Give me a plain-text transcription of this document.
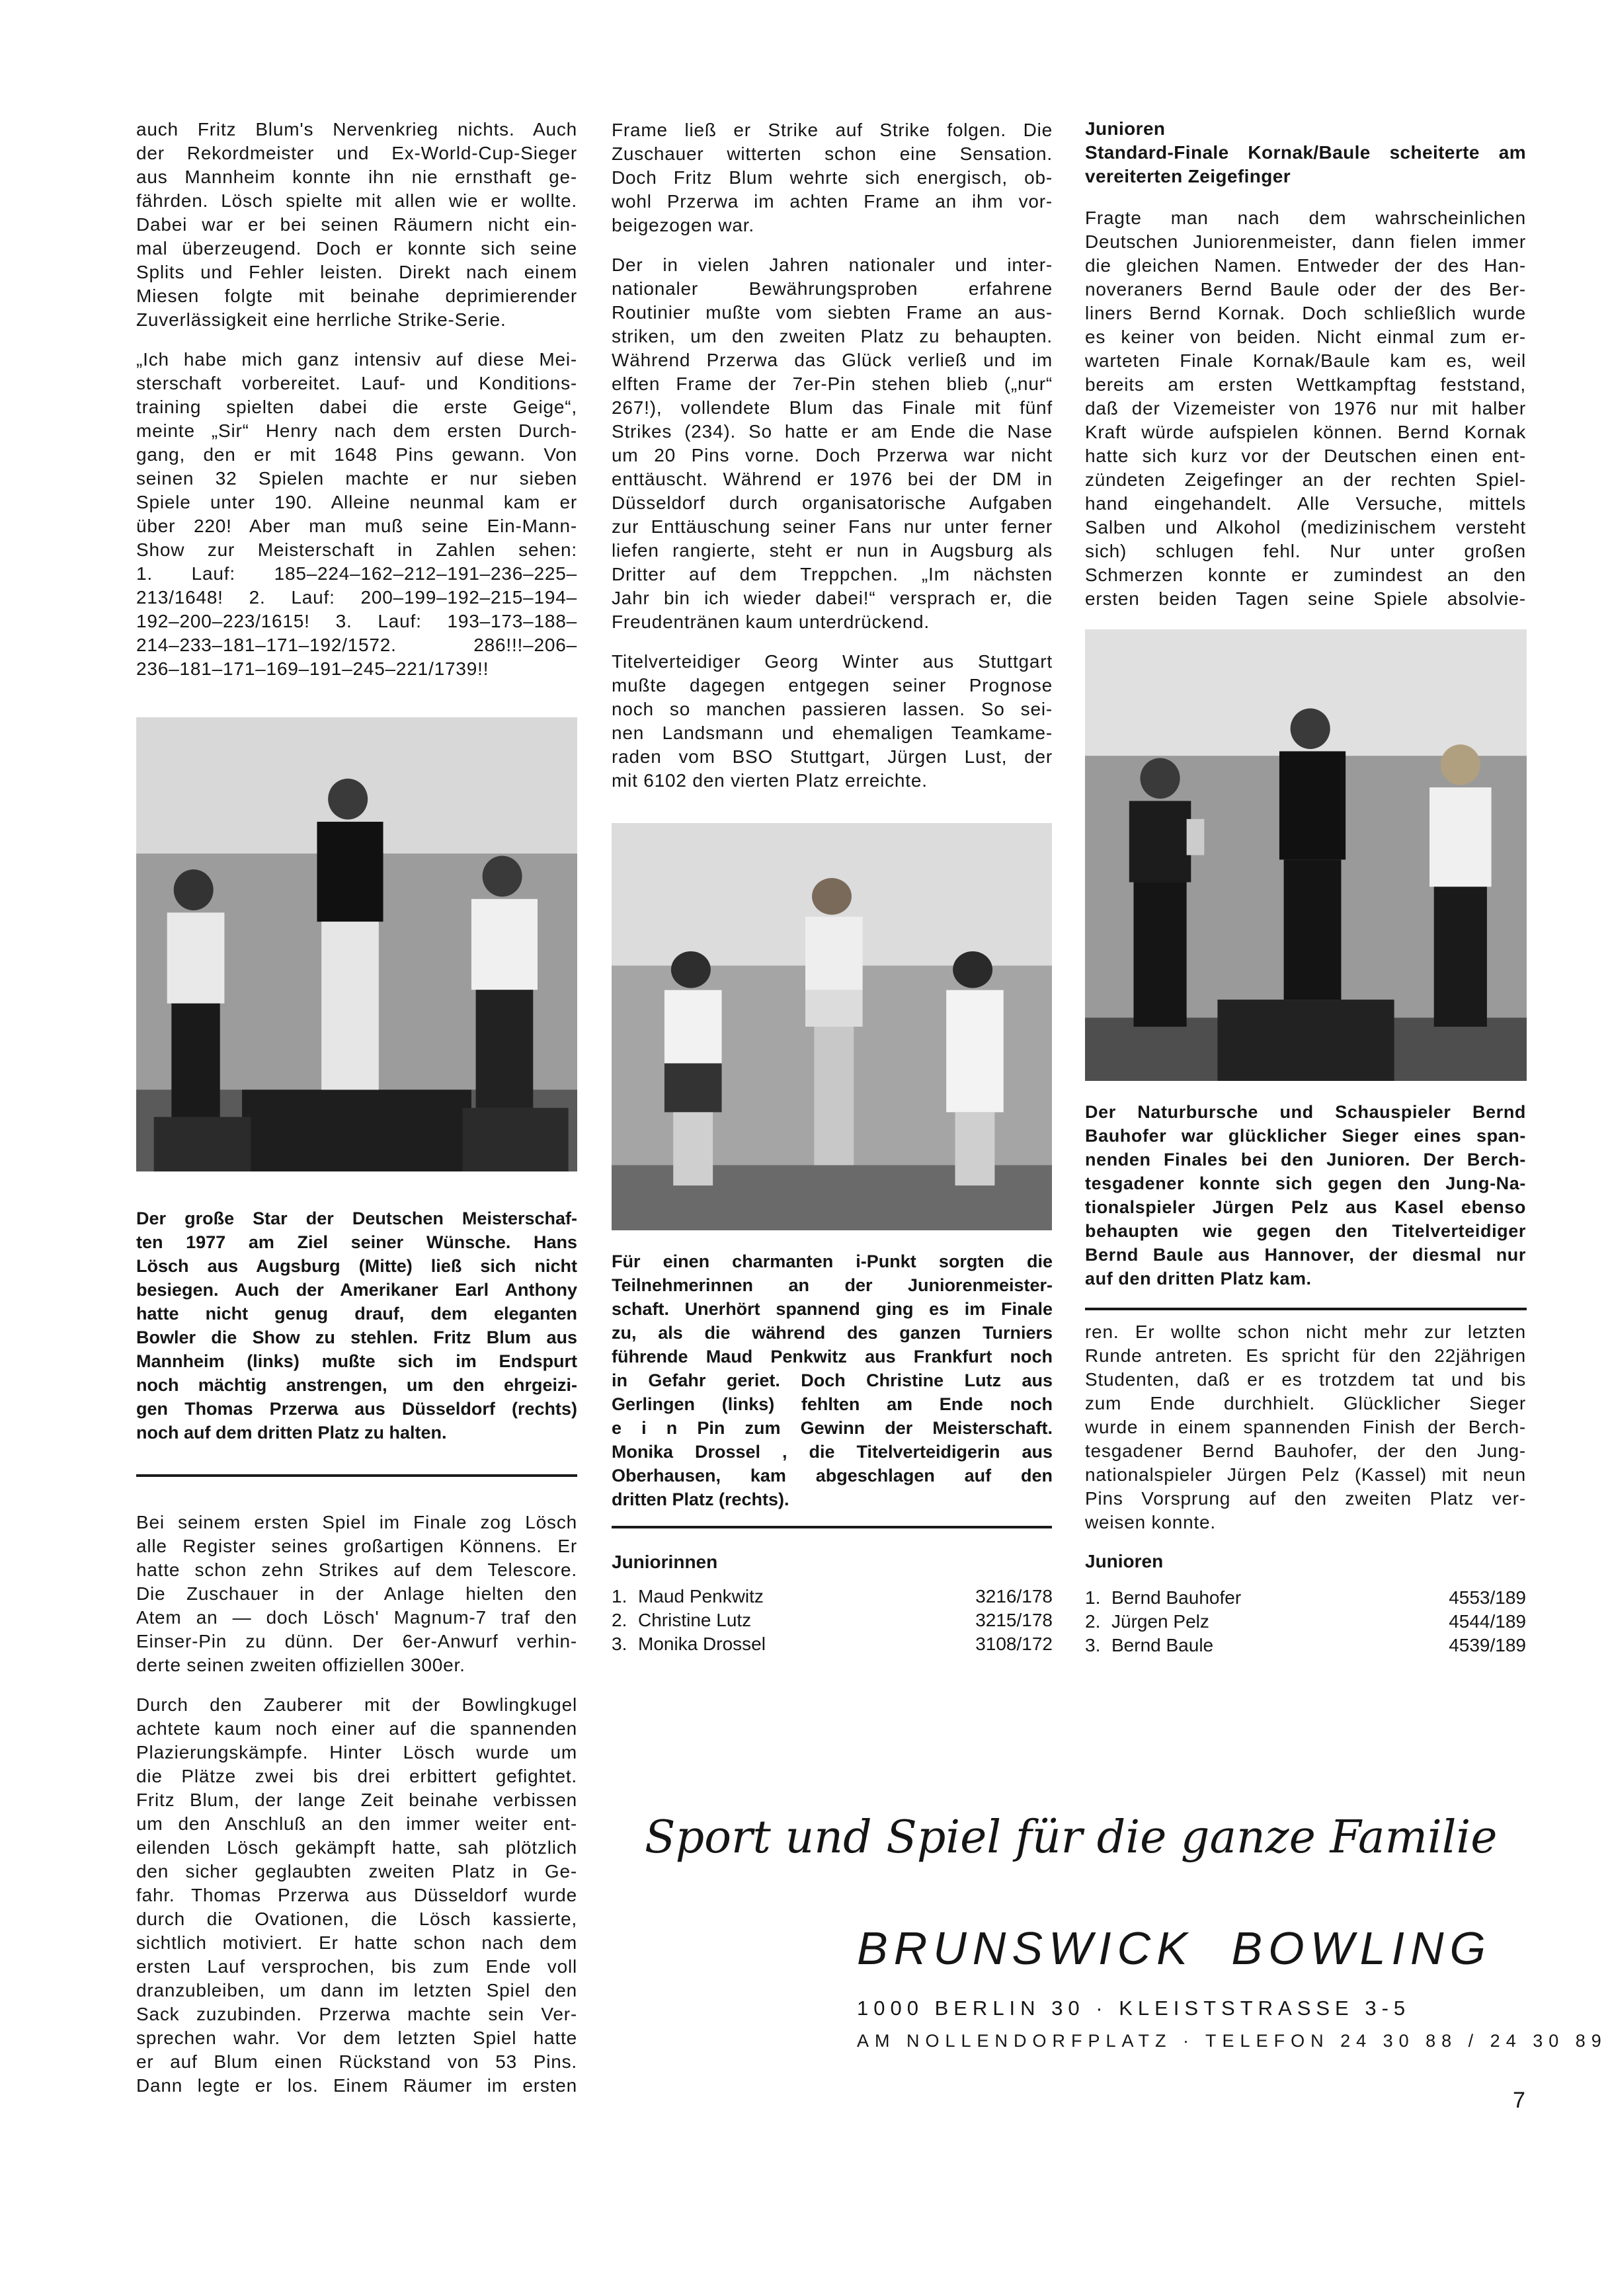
auch Fritz Blum's Nervenkrieg nichts. Auch
der Rekordmeister und Ex-World-Cup-Sieger
aus Mannheim konnte ihn nie ernsthaft ge-
fährden. Lösch spielte mit allen wie er wollte.
Dabei war er bei seinen Räumern nicht ein-
mal überzeugend. Doch er konnte sich seine
Splits und Fehler leisten. Direkt nach einem
Miesen folgte mit beinahe deprimierender
Zuverlässigkeit eine herrliche Strike-Serie.
„Ich habe mich ganz intensiv auf diese Mei-
sterschaft vorbereitet. Lauf- und Konditions-
training spielten dabei die erste Geige“,
meinte „Sir“ Henry nach dem ersten Durch-
gang, den er mit 1648 Pins gewann. Von
seinen 32 Spielen machte er nur sieben
Spiele unter 190. Alleine neunmal kam er
über 220! Aber man muß seine Ein-Mann-
Show zur Meisterschaft in Zahlen sehen:
1. Lauf: 185–224–162–212–191–236–225–
213/1648! 2. Lauf: 200–199–192–215–194–
192–200–223/1615! 3. Lauf: 193–173–188–
214–233–181–171–192/1572. 286!!!–206–
236–181–171–169–191–245–221/1739!!
Der große Star der Deutschen Meisterschaf-
ten 1977 am Ziel seiner Wünsche. Hans
Lösch aus Augsburg (Mitte) ließ sich nicht
besiegen. Auch der Amerikaner Earl Anthony
hatte nicht genug drauf, dem eleganten
Bowler die Show zu stehlen. Fritz Blum aus
Mannheim (links) mußte sich im Endspurt
noch mächtig anstrengen, um den ehrgeizi-
gen Thomas Przerwa aus Düsseldorf (rechts)
noch auf dem dritten Platz zu halten.
Bei seinem ersten Spiel im Finale zog Lösch
alle Register seines großartigen Könnens. Er
hatte schon zehn Strikes auf dem Telescore.
Die Zuschauer in der Anlage hielten den
Atem an — doch Lösch' Magnum-7 traf den
Einser-Pin zu dünn. Der 6er-Anwurf verhin-
derte seinen zweiten offiziellen 300er.
Durch den Zauberer mit der Bowlingkugel
achtete kaum noch einer auf die spannenden
Plazierungskämpfe. Hinter Lösch wurde um
die Plätze zwei bis drei erbittert gefightet.
Fritz Blum, der lange Zeit beinahe verbissen
um den Anschluß an den immer weiter ent-
eilenden Lösch gekämpft hatte, sah plötzlich
den sicher geglaubten zweiten Platz in Ge-
fahr. Thomas Przerwa aus Düsseldorf wurde
durch die Ovationen, die Lösch kassierte,
sichtlich motiviert. Er hatte schon nach dem
ersten Lauf versprochen, bis zum Ende voll
dranzubleiben, um dann im letzten Spiel den
Sack zuzubinden. Przerwa machte sein Ver-
sprechen wahr. Vor dem letzten Spiel hatte
er auf Blum einen Rückstand von 53 Pins.
Dann legte er los. Einem Räumer im ersten
Frame ließ er Strike auf Strike folgen. Die
Zuschauer witterten schon eine Sensation.
Doch Fritz Blum wehrte sich energisch, ob-
wohl Przerwa im achten Frame an ihm vor-
beigezogen war.
Der in vielen Jahren nationaler und inter-
nationaler Bewährungsproben erfahrene
Routinier mußte vom siebten Frame an aus-
striken, um den zweiten Platz zu behaupten.
Während Przerwa das Glück verließ und im
elften Frame der 7er-Pin stehen blieb („nur“
267!), vollendete Blum das Finale mit fünf
Strikes (234). So hatte er am Ende die Nase
um 20 Pins vorne. Doch Przerwa war nicht
enttäuscht. Während er 1976 bei der DM in
Düsseldorf durch organisatorische Aufgaben
zur Enttäuschung seiner Fans nur unter ferner
liefen rangierte, steht er nun in Augsburg als
Dritter auf dem Treppchen. „Im nächsten
Jahr bin ich wieder dabei!“ versprach er, die
Freudentränen kaum unterdrückend.
Titelverteidiger Georg Winter aus Stuttgart
mußte dagegen entgegen seiner Prognose
noch so manchen passieren lassen. So sei-
nen Landsmann und ehemaligen Teamkame-
raden vom BSO Stuttgart, Jürgen Lust, der
mit 6102 den vierten Platz erreichte.
Für einen charmanten i-Punkt sorgten die
Teilnehmerinnen an der Juniorenmeister-
schaft. Unerhört spannend ging es im Finale
zu, als die während des ganzen Turniers
führende Maud Penkwitz aus Frankfurt noch
in Gefahr geriet. Doch Christine Lutz aus
Gerlingen (links) fehlten am Ende noch
e i n Pin zum Gewinn der Meisterschaft.
Monika Drossel , die Titelverteidigerin aus
Oberhausen, kam abgeschlagen auf den
dritten Platz (rechts).
Juniorinnen
1. Maud Penkwitz	3216/178
2. Christine Lutz	3215/178
3. Monika Drossel	3108/172
Junioren
Standard-Finale Kornak/Baule scheiterte am
vereiterten Zeigefinger
Fragte man nach dem wahrscheinlichen
Deutschen Juniorenmeister, dann fielen immer
die gleichen Namen. Entweder der des Han-
noveraners Bernd Baule oder der des Ber-
liners Bernd Kornak. Doch schließlich wurde
es keiner von beiden. Nicht einmal zum er-
warteten Finale Kornak/Baule kam es, weil
bereits am ersten Wettkampftag feststand,
daß der Vizemeister von 1976 nur mit halber
Kraft würde aufspielen können. Bernd Kornak
hatte sich kurz vor der Deutschen einen ent-
zündeten Zeigefinger an der rechten Spiel-
hand eingehandelt. Alle Versuche, mittels
Salben und Alkohol (medizinischem versteht
sich) schlugen fehl. Nur unter großen
Schmerzen konnte er zumindest an den
ersten beiden Tagen seine Spiele absolvie-
Der Naturbursche und Schauspieler Bernd
Bauhofer war glücklicher Sieger eines span-
nenden Finales bei den Junioren. Der Berch-
tesgadener konnte sich gegen den Jung-Na-
tionalspieler Jürgen Pelz aus Kasel ebenso
behaupten wie gegen den Titelverteidiger
Bernd Baule aus Hannover, der diesmal nur
auf den dritten Platz kam.
ren. Er wollte schon nicht mehr zur letzten
Runde antreten. Es spricht für den 22jährigen
Studenten, daß er es trotzdem tat und bis
zum Ende durchhielt. Glücklicher Sieger
wurde in einem spannenden Finish der Berch-
tesgadener Bernd Bauhofer, der den Jung-
nationalspieler Jürgen Pelz (Kassel) mit neun
Pins Vorsprung auf den zweiten Platz ver-
weisen konnte.
Junioren
1. Bernd Bauhofer	4553/189
2. Jürgen Pelz	4544/189
3. Bernd Baule	4539/189
Sport und Spiel für die ganze Familie
BRUNSWICK BOWLING
1000 BERLIN 30 · KLEISTSTRASSE 3-5
AM NOLLENDORFPLATZ · TELEFON 24 30 88 / 24 30 89
7
